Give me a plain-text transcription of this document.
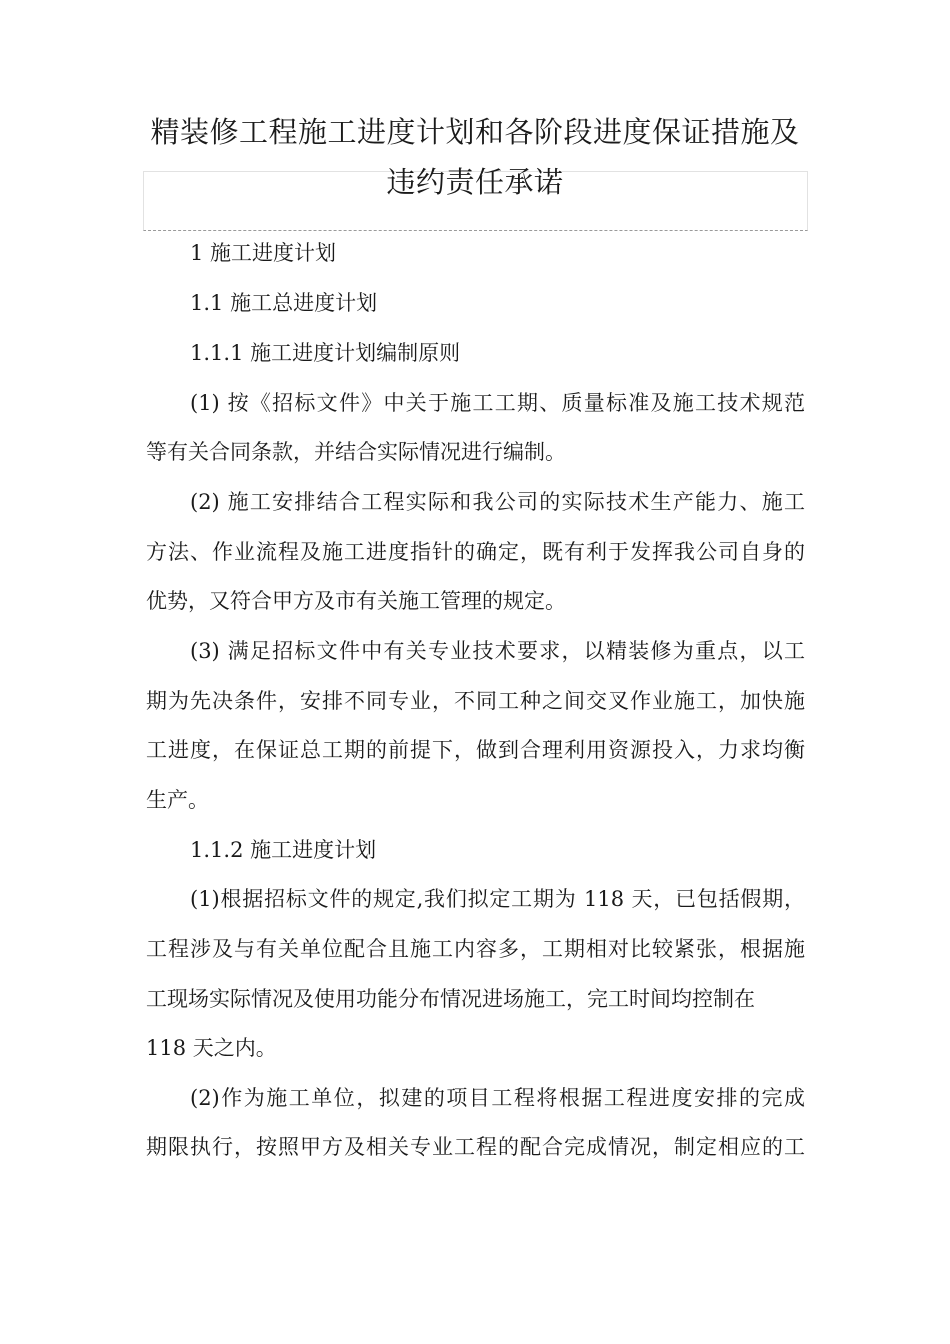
精装修工程施工进度计划和各阶段进度保证措施及
违约责任承诺
1 施工进度计划
1.1 施工总进度计划
1.1.1 施工进度计划编制原则
(1) 按《招标文件》中关于施工工期、质量标准及施工技术规范
等有关合同条款，并结合实际情况进行编制。
(2) 施工安排结合工程实际和我公司的实际技术生产能力、施工
方法、作业流程及施工进度指针的确定，既有利于发挥我公司自身的
优势，又符合甲方及市有关施工管理的规定。
(3) 满足招标文件中有关专业技术要求，以精装修为重点，以工
期为先决条件，安排不同专业，不同工种之间交叉作业施工，加快施
工进度，在保证总工期的前提下，做到合理利用资源投入，力求均衡
生产。
1.1.2 施工进度计划
(1)根据招标文件的规定,我们拟定工期为 118 天，已包括假期，
工程涉及与有关单位配合且施工内容多，工期相对比较紧张，根据施
工现场实际情况及使用功能分布情况进场施工，完工时间均控制在
118 天之内。
(2)作为施工单位，拟建的项目工程将根据工程进度安排的完成
期限执行，按照甲方及相关专业工程的配合完成情况，制定相应的工
